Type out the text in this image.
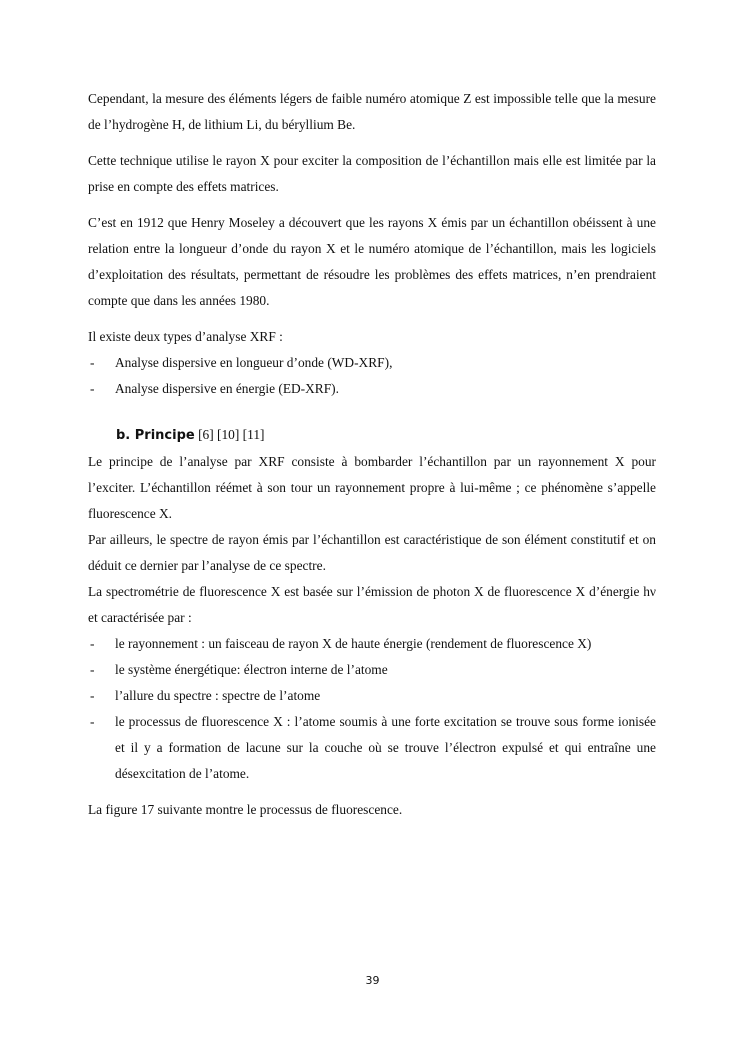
Cependant, la mesure des éléments légers de faible numéro atomique Z est impossible telle que la mesure de l’hydrogène H, de lithium Li, du béryllium Be.

Cette technique utilise le rayon X pour exciter la composition de l’échantillon mais elle est limitée par la prise en compte des effets matrices.

C’est en 1912 que Henry Moseley a découvert que les rayons X émis par un échantillon obéissent à une relation entre la longueur d’onde du rayon X et le numéro atomique de l’échantillon, mais les logiciels d’exploitation des résultats, permettant de résoudre les problèmes des effets matrices, n’en prendraient compte que dans les années 1980.

Il existe deux types d’analyse XRF :

- Analyse dispersive en longueur d’onde (WD-XRF),
- Analyse dispersive en énergie (ED-XRF).
b. Principe [6] [10] [11]

Le principe de l’analyse par XRF consiste à bombarder l’échantillon par un rayonnement X pour l’exciter. L’échantillon réémet à son tour un rayonnement propre à lui-même ; ce phénomène s’appelle fluorescence X.

Par ailleurs, le spectre de rayon émis par l’échantillon est caractéristique de son élément constitutif et on déduit ce dernier par l’analyse de ce spectre.

La spectrométrie de fluorescence X est basée sur l’émission de photon X de fluorescence X d’énergie hν et caractérisée par :

- le rayonnement : un faisceau de rayon X de haute énergie (rendement de fluorescence X)
- le système énergétique: électron interne de l’atome
- l’allure du spectre : spectre de l’atome
- le processus de fluorescence X : l’atome soumis à une forte excitation se trouve sous forme ionisée et il y a formation de lacune sur la couche où se trouve l’électron expulsé et qui entraîne une désexcitation de l’atome.

La figure 17 suivante montre le processus de fluorescence.

39
